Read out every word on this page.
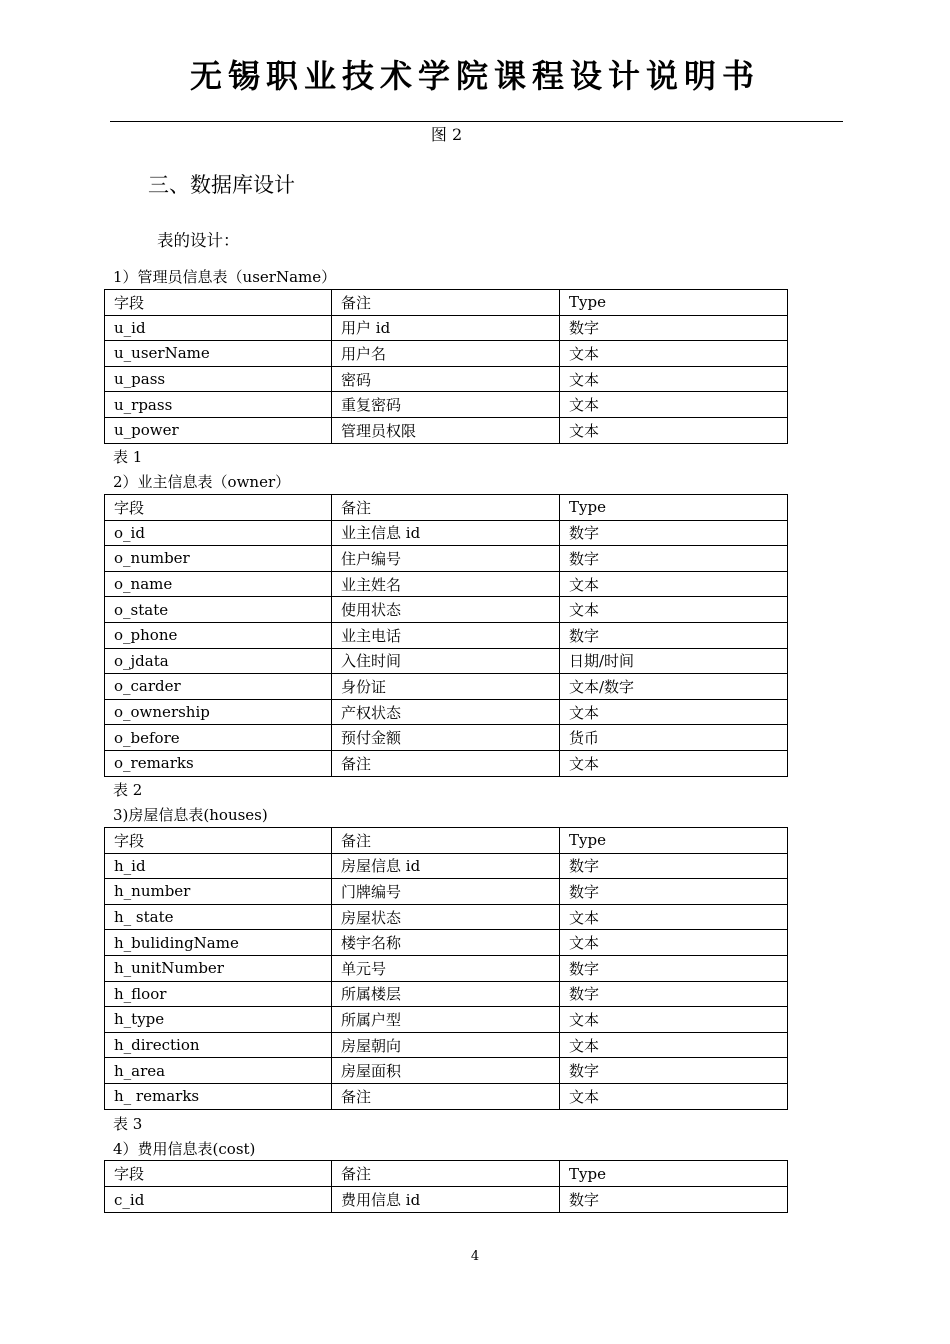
无锡职业技术学院课程设计说明书
图 2
三、数据库设计
表的设计：
1）管理员信息表（userName）
字段	备注	Type
u_id	用户 id	数字
u_userName	用户名	文本
u_pass	密码	文本
u_rpass	重复密码	文本
u_power	管理员权限	文本
表 1
2）业主信息表（owner）
字段	备注	Type
o_id	业主信息 id	数字
o_number	住户编号	数字
o_name	业主姓名	文本
o_state	使用状态	文本
o_phone	业主电话	数字
o_jdata	入住时间	日期/时间
o_carder	身份证	文本/数字
o_ownership	产权状态	文本
o_before	预付金额	货币
o_remarks	备注	文本
表 2
3)房屋信息表(houses)
字段	备注	Type
h_id	房屋信息 id	数字
h_number	门牌编号	数字
h_ state	房屋状态	文本
h_bulidingName	楼宇名称	文本
h_unitNumber	单元号	数字
h_floor	所属楼层	数字
h_type	所属户型	文本
h_direction	房屋朝向	文本
h_area	房屋面积	数字
h_ remarks	备注	文本
表 3
4）费用信息表(cost)
字段	备注	Type
c_id	费用信息 id	数字
4
